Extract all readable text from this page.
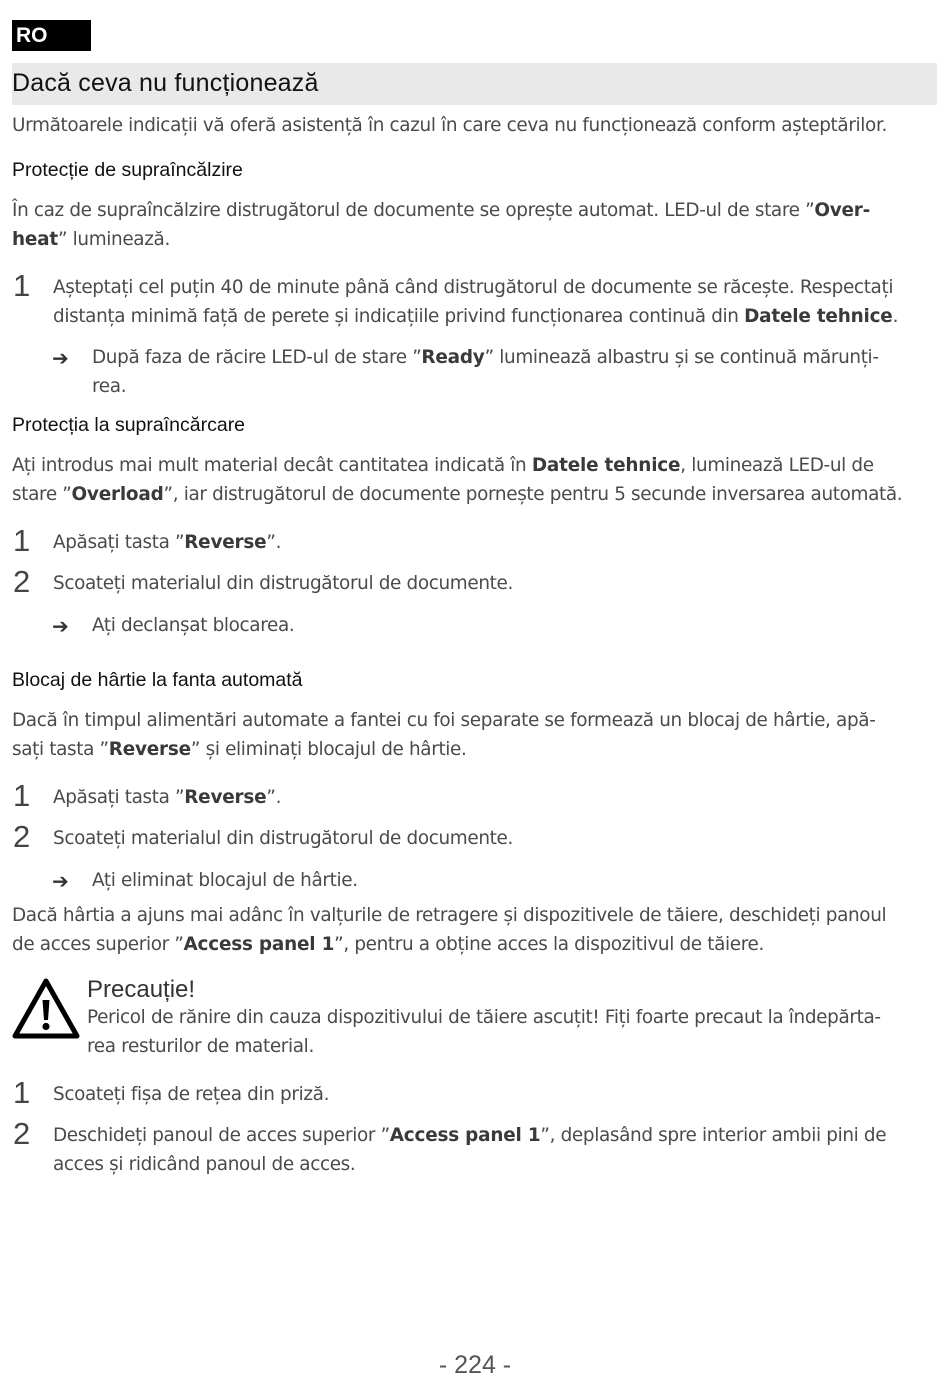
RO
Dacă ceva nu funcționează

Următoarele indicații vă oferă asistență în cazul în care ceva nu funcționează conform așteptărilor.

Protecție de supraîncălzire

În caz de supraîncălzire distrugătorul de documente se oprește automat. LED-ul de stare ”Over-

heat” luminează.

1 Așteptați cel puțin 40 de minute până când distrugătorul de documente se răcește. Respectați

distanța minimă față de perete și indicațiile privind funcționarea continuă din Datele tehnice.

➔ După faza de răcire LED-ul de stare ”Ready” luminează albastru și se continuă mărunți-

rea.

Protecția la supraîncărcare

Ați introdus mai mult material decât cantitatea indicată în Datele tehnice, luminează LED-ul de

stare ”Overload”, iar distrugătorul de documente pornește pentru 5 secunde inversarea automată.

1 Apăsați tasta ”Reverse”.

2 Scoateți materialul din distrugătorul de documente.

➔ Ați declanșat blocarea.

Blocaj de hârtie la fanta automată

Dacă în timpul alimentări automate a fantei cu foi separate se formează un blocaj de hârtie, apă-

sați tasta ”Reverse” și eliminați blocajul de hârtie.

1 Apăsați tasta ”Reverse”.

2 Scoateți materialul din distrugătorul de documente.

➔ Ați eliminat blocajul de hârtie.

Dacă hârtia a ajuns mai adânc în valțurile de retragere și dispozitivele de tăiere, deschideți panoul

de acces superior ”Access panel 1”, pentru a obține acces la dispozitivul de tăiere.

Precauție!

Pericol de rănire din cauza dispozitivului de tăiere ascuțit! Fiți foarte precaut la îndepărta-

rea resturilor de material.

1 Scoateți fișa de rețea din priză.

2 Deschideți panoul de acces superior ”Access panel 1”, deplasând spre interior ambii pini de

acces și ridicând panoul de acces.

- 224 -
